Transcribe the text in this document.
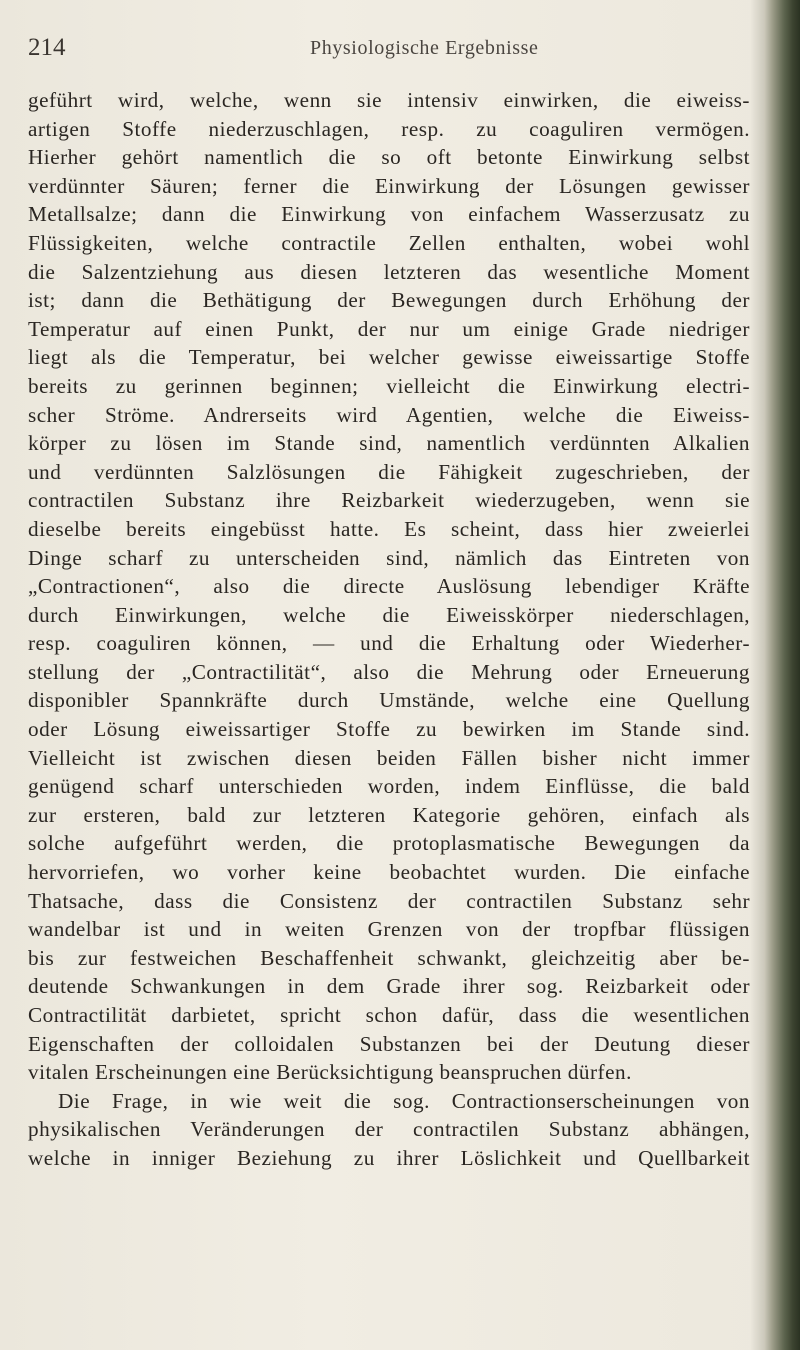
214	Physiologische Ergebnisse
geführt wird, welche, wenn sie intensiv einwirken, die eiweiss-
artigen Stoffe niederzuschlagen, resp. zu coaguliren vermögen.
Hierher gehört namentlich die so oft betonte Einwirkung selbst
verdünnter Säuren; ferner die Einwirkung der Lösungen gewisser
Metallsalze; dann die Einwirkung von einfachem Wasserzusatz zu
Flüssigkeiten, welche contractile Zellen enthalten, wobei wohl
die Salzentziehung aus diesen letzteren das wesentliche Moment
ist; dann die Bethätigung der Bewegungen durch Erhöhung der
Temperatur auf einen Punkt, der nur um einige Grade niedriger
liegt als die Temperatur, bei welcher gewisse eiweissartige Stoffe
bereits zu gerinnen beginnen; vielleicht die Einwirkung electri-
scher Ströme. Andrerseits wird Agentien, welche die Eiweiss-
körper zu lösen im Stande sind, namentlich verdünnten Alkalien
und verdünnten Salzlösungen die Fähigkeit zugeschrieben, der
contractilen Substanz ihre Reizbarkeit wiederzugeben, wenn sie
dieselbe bereits eingebüsst hatte. Es scheint, dass hier zweierlei
Dinge scharf zu unterscheiden sind, nämlich das Eintreten von
„Contractionen“, also die directe Auslösung lebendiger Kräfte
durch Einwirkungen, welche die Eiweisskörper niederschlagen,
resp. coaguliren können, — und die Erhaltung oder Wiederher-
stellung der „Contractilität“, also die Mehrung oder Erneuerung
disponibler Spannkräfte durch Umstände, welche eine Quellung
oder Lösung eiweissartiger Stoffe zu bewirken im Stande sind.
Vielleicht ist zwischen diesen beiden Fällen bisher nicht immer
genügend scharf unterschieden worden, indem Einflüsse, die bald
zur ersteren, bald zur letzteren Kategorie gehören, einfach als
solche aufgeführt werden, die protoplasmatische Bewegungen da
hervorriefen, wo vorher keine beobachtet wurden. Die einfache
Thatsache, dass die Consistenz der contractilen Substanz sehr
wandelbar ist und in weiten Grenzen von der tropfbar flüssigen
bis zur festweichen Beschaffenheit schwankt, gleichzeitig aber be-
deutende Schwankungen in dem Grade ihrer sog. Reizbarkeit oder
Contractilität darbietet, spricht schon dafür, dass die wesentlichen
Eigenschaften der colloidalen Substanzen bei der Deutung dieser
vitalen Erscheinungen eine Berücksichtigung beanspruchen dürfen.
Die Frage, in wie weit die sog. Contractionserscheinungen von
physikalischen Veränderungen der contractilen Substanz abhängen,
welche in inniger Beziehung zu ihrer Löslichkeit und Quellbarkeit
